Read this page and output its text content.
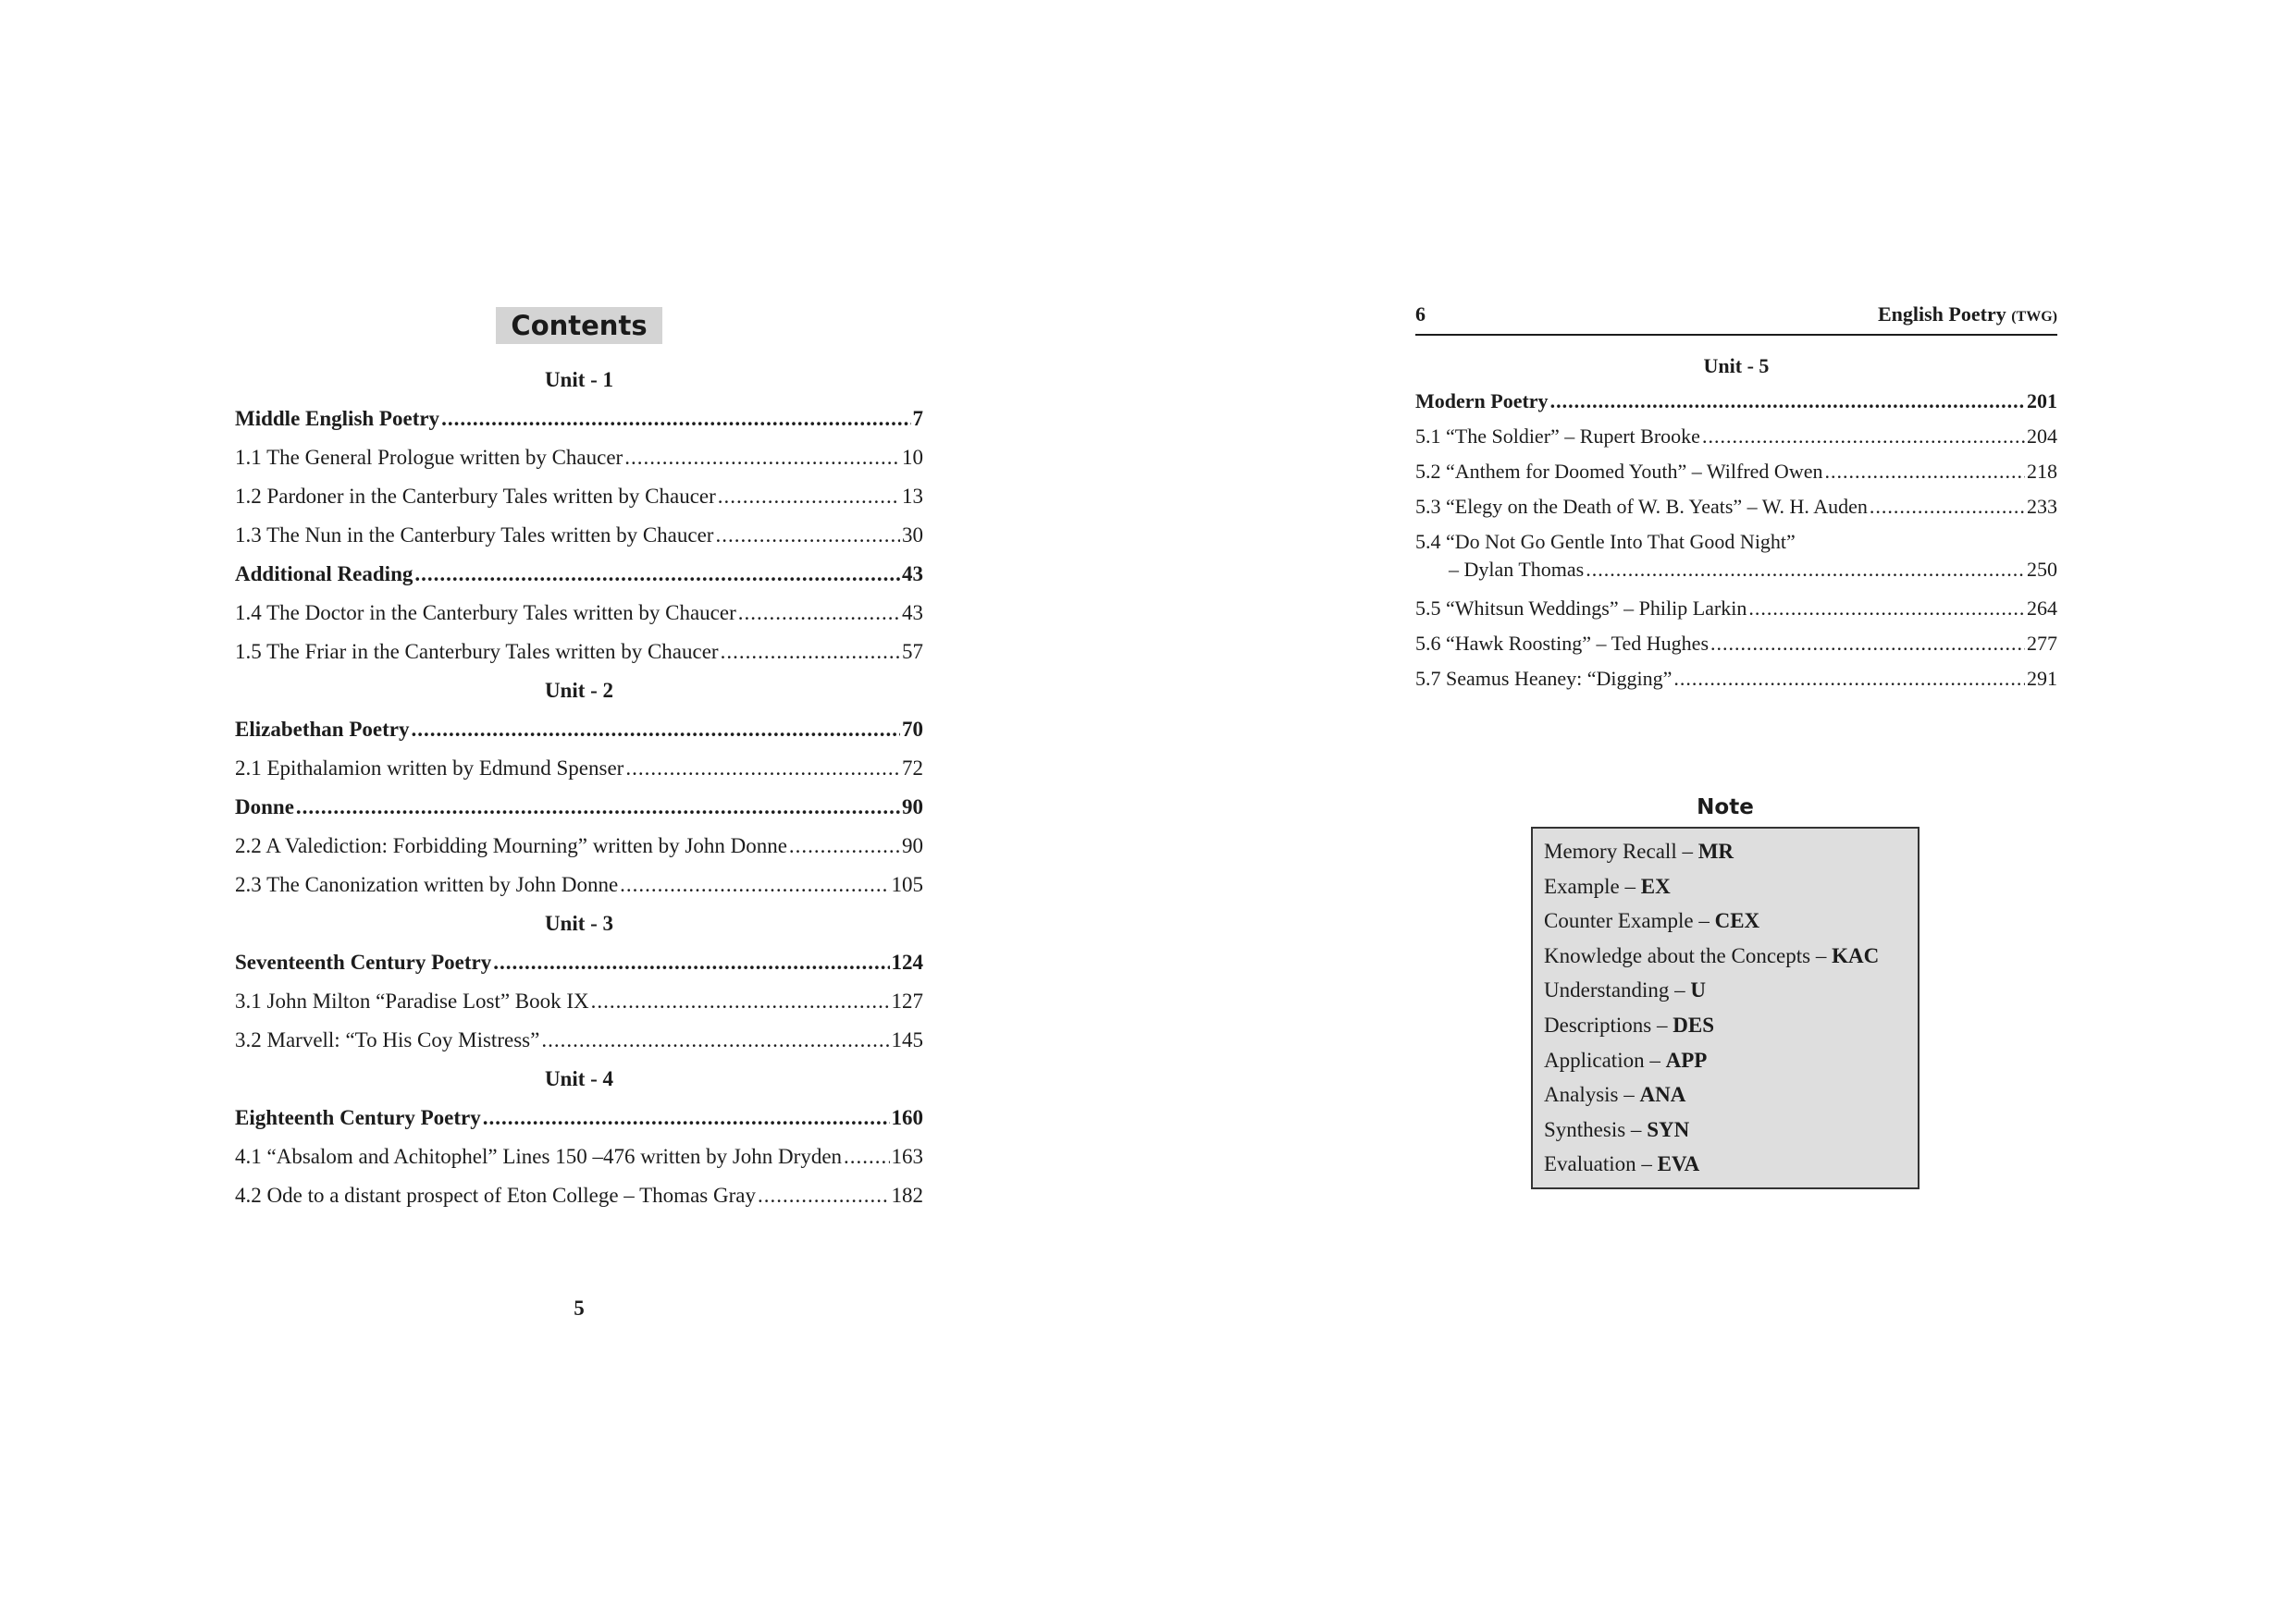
Contents
Unit - 1
Middle English Poetry .....	7
1.1 The General Prologue written by Chaucer .....	10
1.2 Pardoner in the Canterbury Tales written by Chaucer .....	13
1.3 The Nun in the Canterbury Tales written by Chaucer .....	30
Additional Reading .....	43
1.4 The Doctor in the Canterbury Tales written by Chaucer .....	43
1.5 The Friar in the Canterbury Tales written by Chaucer .....	57
Unit - 2
Elizabethan Poetry .....	70
2.1 Epithalamion written by Edmund Spenser .....	72
Donne .....	90
2.2 A Valediction: Forbidding Mourning” written by John Donne .....	90
2.3 The Canonization written by John Donne .....	105
Unit - 3
Seventeenth Century Poetry .....	124
3.1 John Milton “Paradise Lost” Book IX .....	127
3.2 Marvell: “To His Coy Mistress” .....	145
Unit - 4
Eighteenth Century Poetry .....	160
4.1 “Absalom and Achitophel” Lines 150 –476 written by John Dryden ..... 163
4.2 Ode to a distant prospect of Eton College – Thomas Gray .....	182
5
6	English Poetry (TWG)
Unit - 5
Modern Poetry .....	201
5.1 “The Soldier” – Rupert Brooke .....	204
5.2 “Anthem for Doomed Youth” – Wilfred Owen .....	218
5.3 “Elegy on the Death of W. B. Yeats” – W. H. Auden .....	233
5.4 “Do Not Go Gentle Into That Good Night”
– Dylan Thomas .....	250
5.5 “Whitsun Weddings” – Philip Larkin .....	264
5.6 “Hawk Roosting” – Ted Hughes .....	277
5.7 Seamus Heaney: “Digging” .....	291
Note
Memory Recall – MR
Example – EX
Counter Example – CEX
Knowledge about the Concepts – KAC
Understanding – U
Descriptions – DES
Application – APP
Analysis – ANA
Synthesis – SYN
Evaluation – EVA
